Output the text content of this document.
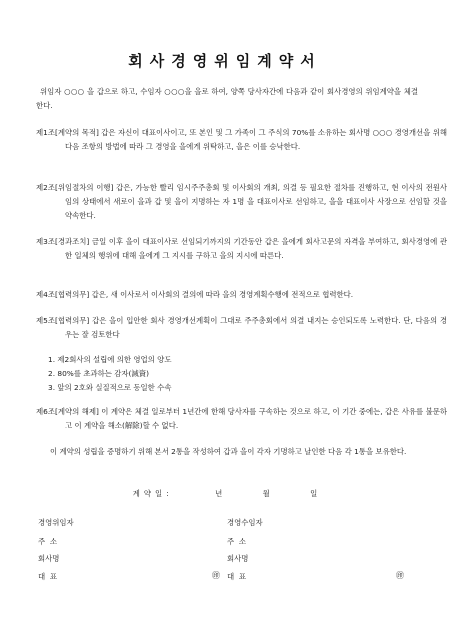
회사경영위임계약서
위임자 ○○○ 을 갑으로 하고, 수임자 ○○○을 을로 하여, 양쪽 당사자간에 다음과 같이 회사경영의 위임계약을 체결한다.
제1조[계약의 목적] 갑은 자신이 대표이사이고, 또 본인 및 그 가족이 그 주식의 70%를 소유하는 회사명 ○○○ 경영개선을 위해 다음 조항의 방법에 따라 그 경영을 을에게 위탁하고, 을은 이를 승낙한다.
제2조[위임절차의 이행] 갑은, 가능한 빨리 임시주주총회 및 이사회의 개최, 의결 등 필요한 절차를 진행하고, 현 이사의 전원사임의 상태에서 새로이 을과 갑 및 을이 지명하는 자 1명 을 대표이사로 선임하고, 을을 대표이사 사장으로 선임할 것을 약속한다.
제3조[경과조치] 금일 이후 을이 대표이사로 선임되기까지의 기간동안 갑은 을에게 회사고문의 자격을 부여하고, 회사경영에 관한 일체의 행위에 대해 을에게 그 지시를 구하고 을의 지시에 따른다.
제4조[협력의무] 갑은, 새 이사로서 이사회의 결의에 따라 을의 경영계획수행에 전적으로 협력한다.
제5조[협력의무] 갑은 을이 입안한 회사 경영개선계획이 그대로 주주총회에서 의결 내지는 승인되도록 노력한다. 단, 다음의 경우는 잘 검토한다
1. 제2회사의 설립에 의한 영업의 양도
2. 80%를 초과하는 감자(減資)
3. 앞의 2호와 실질적으로 동일한 수속
제6조[계약의 해제] 이 계약은 체결 일로부터 1년간에 한해 당사자를 구속하는 것으로 하고, 이 기간 중에는, 갑은 사유를 불문하고 이 계약을 해소(解除)할 수 없다.
이 계약의 성립을 증명하기 위해 본서 2통을 작성하여 갑과 을이 각자 기명하고 날인한 다음 각 1통을 보유한다.
계약일:	년	월	일
경영위임자
주  소
회사명
대  표	㊞
경영수임자
주  소
회사명
대  표	㊞
